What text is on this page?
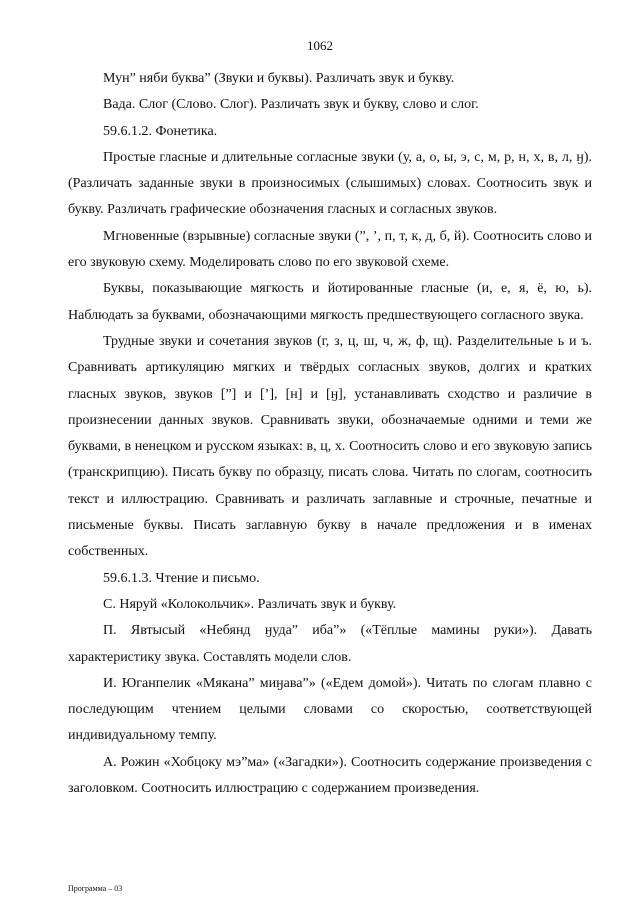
1062

Мун” няби буква” (Звуки и буквы). Различать звук и букву.

Вада. Слог (Слово. Слог). Различать звук и букву, слово и слог.

59.6.1.2. Фонетика.

Простые гласные и длительные согласные звуки (у, а, о, ы, э, с, м, р, н, х, в, л, ӈ). (Различать заданные звуки в произносимых (слышимых) словах. Соотносить звук и букву. Различать графические обозначения гласных и согласных звуков.

Мгновенные (взрывные) согласные звуки (”, ’, п, т, к, д, б, й). Соотносить слово и его звуковую схему. Моделировать слово по его звуковой схеме.

Буквы, показывающие мягкость и йотированные гласные (и, е, я, ё, ю, ь). Наблюдать за буквами, обозначающими мягкость предшествующего согласного звука.

Трудные звуки и сочетания звуков (г, з, ц, ш, ч, ж, ф, щ). Разделительные ь и ъ. Сравнивать артикуляцию мягких и твёрдых согласных звуков, долгих и кратких гласных звуков, звуков [”] и [’], [н] и [ӈ], устанавливать сходство и различие в произнесении данных звуков. Сравнивать звуки, обозначаемые одними и теми же буквами, в ненецком и русском языках: в, ц, х. Соотносить слово и его звуковую запись (транскрипцию). Писать букву по образцу, писать слова. Читать по слогам, соотносить текст и иллюстрацию. Сравнивать и различать заглавные и строчные, печатные и письменые буквы. Писать заглавную букву в начале предложения и в именах собственных.

59.6.1.3. Чтение и письмо.

С. Няруй «Колокольчик». Различать звук и букву.

П. Явтысый «Небянд ӈуда” иба”» («Тёплые мамины руки»). Давать характеристику звука. Составлять модели слов.

И. Юганпелик «Мякана” миӈава”» («Едем домой»). Читать по слогам плавно с последующим чтением целыми словами со скоростью, соответствующей индивидуальному темпу.

А. Рожин «Хобцоку мэ”ма» («Загадки»). Соотносить содержание произведения с заголовком. Соотносить иллюстрацию с содержанием произведения.

Программа – 03
